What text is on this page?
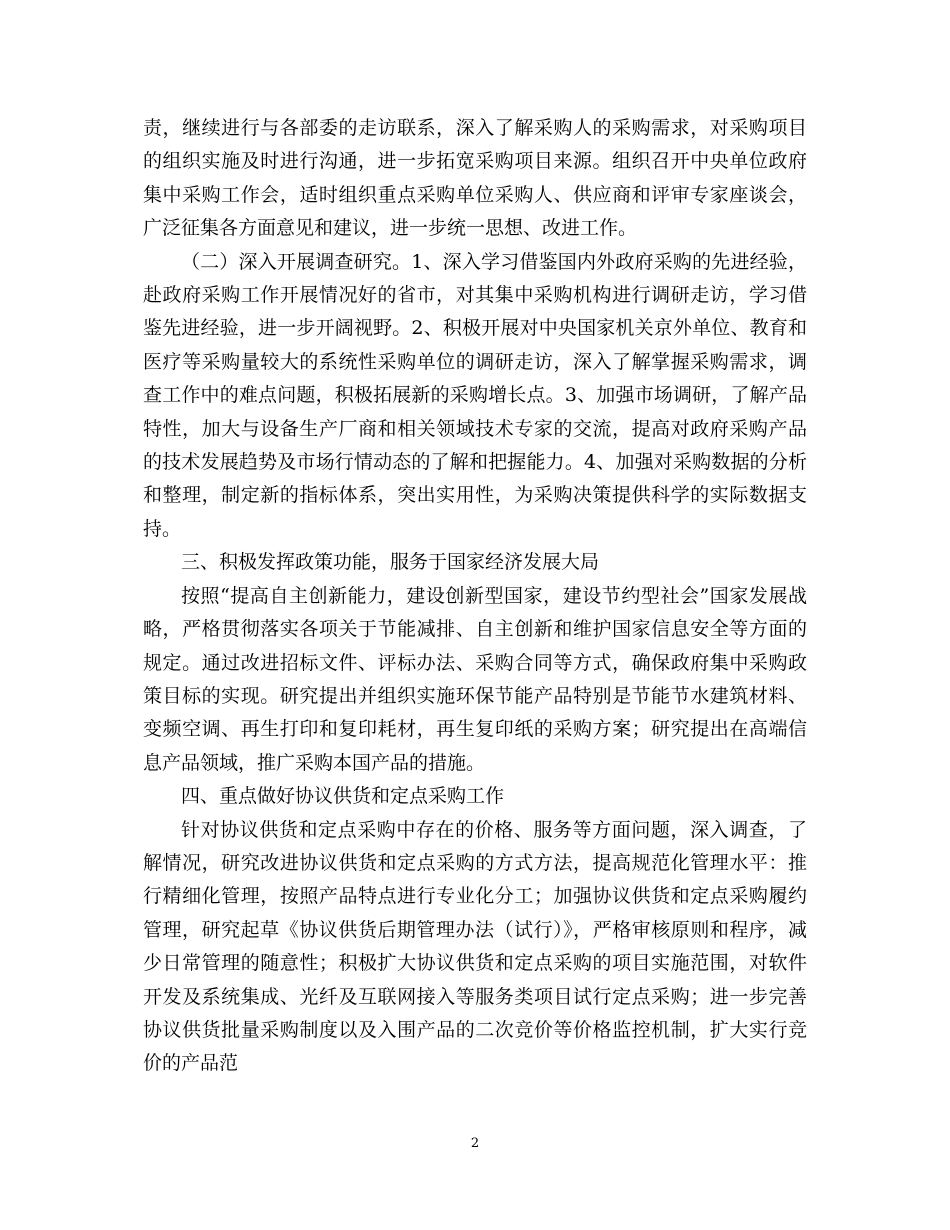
责，继续进行与各部委的走访联系，深入了解采购人的采购需求，对采购项目的组织实施及时进行沟通，进一步拓宽采购项目来源。组织召开中央单位政府集中采购工作会，适时组织重点采购单位采购人、供应商和评审专家座谈会，广泛征集各方面意见和建议，进一步统一思想、改进工作。

（二）深入开展调查研究。1、深入学习借鉴国内外政府采购的先进经验，赴政府采购工作开展情况好的省市，对其集中采购机构进行调研走访，学习借鉴先进经验，进一步开阔视野。2、积极开展对中央国家机关京外单位、教育和医疗等采购量较大的系统性采购单位的调研走访，深入了解掌握采购需求，调查工作中的难点问题，积极拓展新的采购增长点。3、加强市场调研，了解产品特性，加大与设备生产厂商和相关领域技术专家的交流，提高对政府采购产品的技术发展趋势及市场行情动态的了解和把握能力。4、加强对采购数据的分析和整理，制定新的指标体系，突出实用性，为采购决策提供科学的实际数据支持。

三、积极发挥政策功能，服务于国家经济发展大局

按照“提高自主创新能力，建设创新型国家，建设节约型社会”国家发展战略，严格贯彻落实各项关于节能减排、自主创新和维护国家信息安全等方面的规定。通过改进招标文件、评标办法、采购合同等方式，确保政府集中采购政策目标的实现。研究提出并组织实施环保节能产品特别是节能节水建筑材料、变频空调、再生打印和复印耗材，再生复印纸的采购方案；研究提出在高端信息产品领域，推广采购本国产品的措施。

四、重点做好协议供货和定点采购工作

针对协议供货和定点采购中存在的价格、服务等方面问题，深入调查，了解情况，研究改进协议供货和定点采购的方式方法，提高规范化管理水平：推行精细化管理，按照产品特点进行专业化分工；加强协议供货和定点采购履约管理，研究起草《协议供货后期管理办法（试行）》，严格审核原则和程序，减少日常管理的随意性；积极扩大协议供货和定点采购的项目实施范围，对软件开发及系统集成、光纤及互联网接入等服务类项目试行定点采购；进一步完善协议供货批量采购制度以及入围产品的二次竞价等价格监控机制，扩大实行竞价的产品范

2
